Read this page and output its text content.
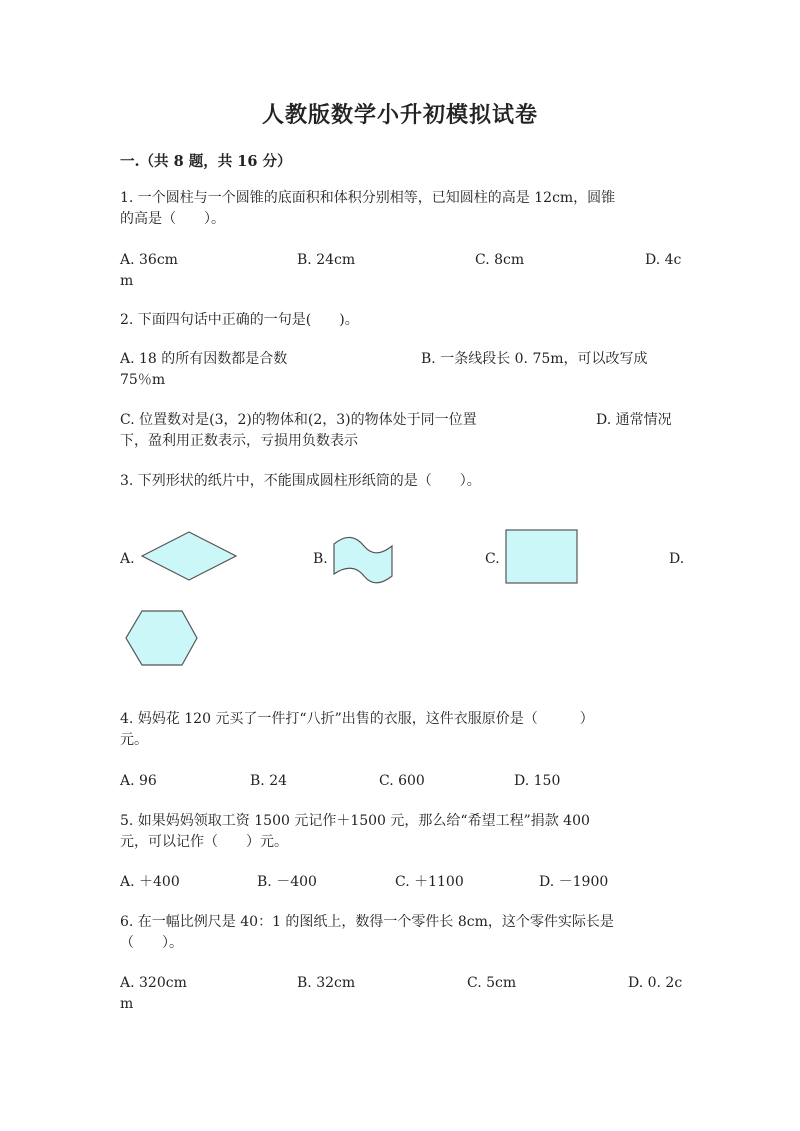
人教版数学小升初模拟试卷
一.（共 8 题，共 16 分）
1. 一个圆柱与一个圆锥的底面积和体积分别相等，已知圆柱的高是 12cm，圆锥
的高是（　　）。
A. 36cm	B. 24cm	C. 8cm	D. 4c
m
2. 下面四句话中正确的一句是(　　)。
A. 18 的所有因数都是合数	B. 一条线段长 0. 75m，可以改写成
75％m
C. 位置数对是(3，2)的物体和(2，3)的物体处于同一位置	D. 通常情况
下，盈利用正数表示，亏损用负数表示
3. 下列形状的纸片中，不能围成圆柱形纸筒的是（　　）。
A.	B.	C.	D.
4. 妈妈花 120 元买了一件打“八折”出售的衣服，这件衣服原价是（　　　）
元。
A. 96	B. 24	C. 600	D. 150
5. 如果妈妈领取工资 1500 元记作＋1500 元，那么给“希望工程”捐款 400
元，可以记作（　　）元。
A. ＋400	B. －400	C. ＋1100	D. －1900
6. 在一幅比例尺是 40：1 的图纸上，数得一个零件长 8cm，这个零件实际长是
（　　）。
A. 320cm	B. 32cm	C. 5cm	D. 0. 2c
m
